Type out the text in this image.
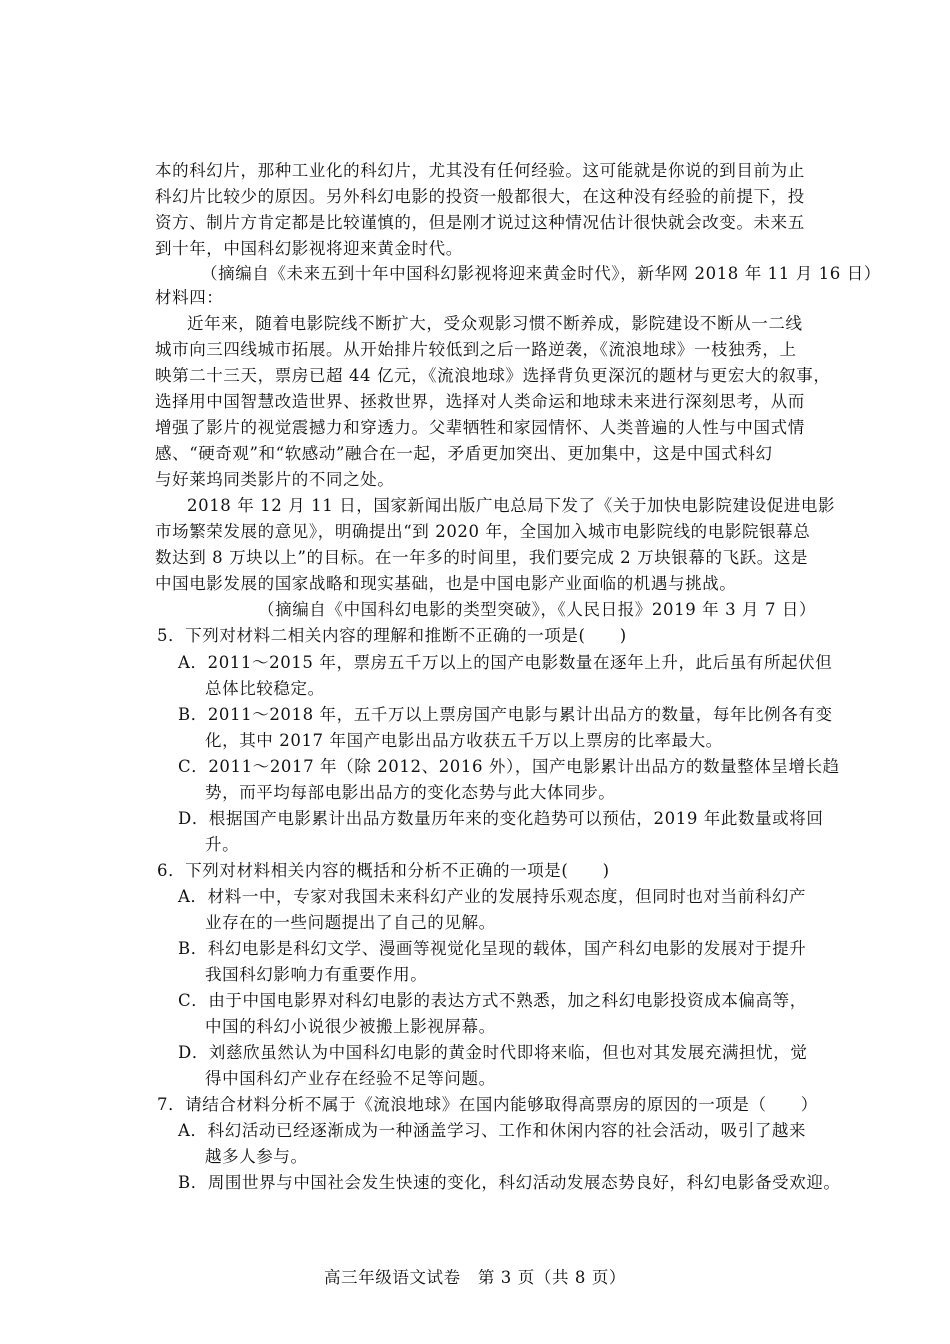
本的科幻片，那种工业化的科幻片，尤其没有任何经验。这可能就是你说的到目前为止
科幻片比较少的原因。另外科幻电影的投资一般都很大，在这种没有经验的前提下，投
资方、制片方肯定都是比较谨慎的，但是刚才说过这种情况估计很快就会改变。未来五
到十年，中国科幻影视将迎来黄金时代。
（摘编自《未来五到十年中国科幻影视将迎来黄金时代》，新华网 2018 年 11 月 16 日）
材料四：
近年来，随着电影院线不断扩大，受众观影习惯不断养成，影院建设不断从一二线
城市向三四线城市拓展。从开始排片较低到之后一路逆袭，《流浪地球》一枝独秀，上
映第二十三天，票房已超 44 亿元，《流浪地球》选择背负更深沉的题材与更宏大的叙事，
选择用中国智慧改造世界、拯救世界，选择对人类命运和地球未来进行深刻思考，从而
增强了影片的视觉震撼力和穿透力。父辈牺牲和家园情怀、人类普遍的人性与中国式情
感、“硬奇观”和“软感动”融合在一起，矛盾更加突出、更加集中，这是中国式科幻
与好莱坞同类影片的不同之处。
2018 年 12 月 11 日，国家新闻出版广电总局下发了《关于加快电影院建设促进电影
市场繁荣发展的意见》，明确提出“到 2020 年，全国加入城市电影院线的电影院银幕总
数达到 8 万块以上”的目标。在一年多的时间里，我们要完成 2 万块银幕的飞跃。这是
中国电影发展的国家战略和现实基础，也是中国电影产业面临的机遇与挑战。
（摘编自《中国科幻电影的类型突破》，《人民日报》2019 年 3 月 7 日）
5．下列对材料二相关内容的理解和推断不正确的一项是(　　)
A．2011～2015 年，票房五千万以上的国产电影数量在逐年上升，此后虽有所起伏但
总体比较稳定。
B．2011～2018 年，五千万以上票房国产电影与累计出品方的数量，每年比例各有变
化，其中 2017 年国产电影出品方收获五千万以上票房的比率最大。
C．2011～2017 年（除 2012、2016 外），国产电影累计出品方的数量整体呈增长趋
势，而平均每部电影出品方的变化态势与此大体同步。
D．根据国产电影累计出品方数量历年来的变化趋势可以预估，2019 年此数量或将回
升。
6．下列对材料相关内容的概括和分析不正确的一项是(　　)
A．材料一中，专家对我国未来科幻产业的发展持乐观态度，但同时也对当前科幻产
业存在的一些问题提出了自己的见解。
B．科幻电影是科幻文学、漫画等视觉化呈现的载体，国产科幻电影的发展对于提升
我国科幻影响力有重要作用。
C．由于中国电影界对科幻电影的表达方式不熟悉，加之科幻电影投资成本偏高等，
中国的科幻小说很少被搬上影视屏幕。
D．刘慈欣虽然认为中国科幻电影的黄金时代即将来临，但也对其发展充满担忧，觉
得中国科幻产业存在经验不足等问题。
7．请结合材料分析不属于《流浪地球》在国内能够取得高票房的原因的一项是（　　）
A．科幻活动已经逐渐成为一种涵盖学习、工作和休闲内容的社会活动，吸引了越来
越多人参与。
B．周围世界与中国社会发生快速的变化，科幻活动发展态势良好，科幻电影备受欢迎。
高三年级语文试卷　第 3 页（共 8 页）
